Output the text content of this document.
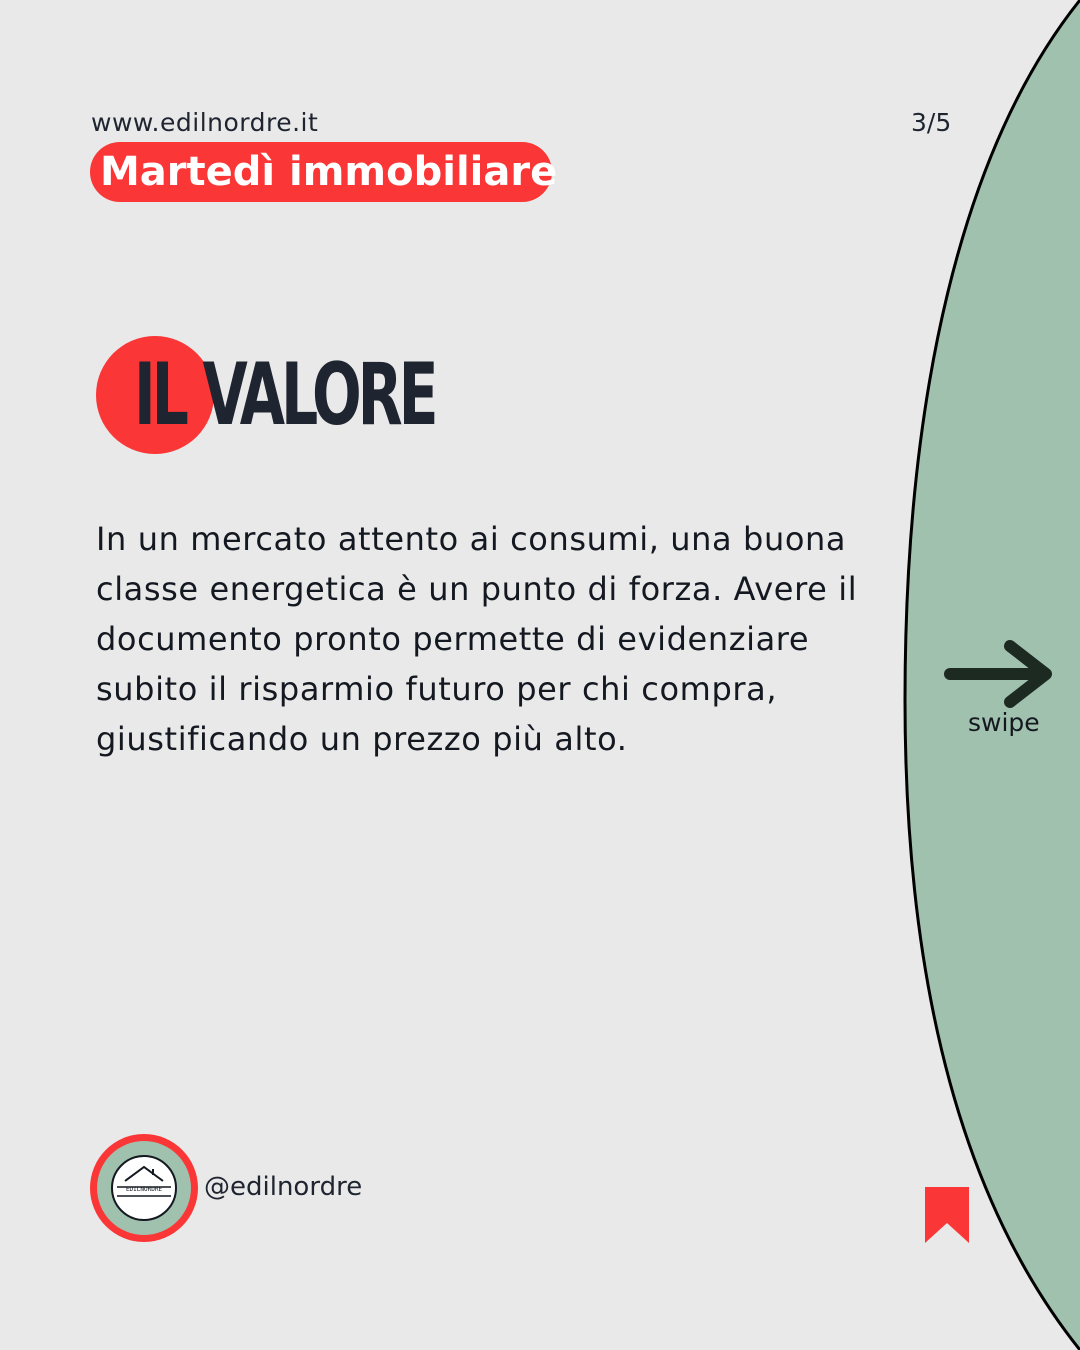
www.edilnordre.it	3/5
Martedì immobiliare
IL VALORE

In un mercato attento ai consumi, una buona classe energetica è un punto di forza. Avere il documento pronto permette di evidenziare subito il risparmio futuro per chi compra, giustificando un prezzo più alto.	swipe
EDILNORDRE	@edilnordre
